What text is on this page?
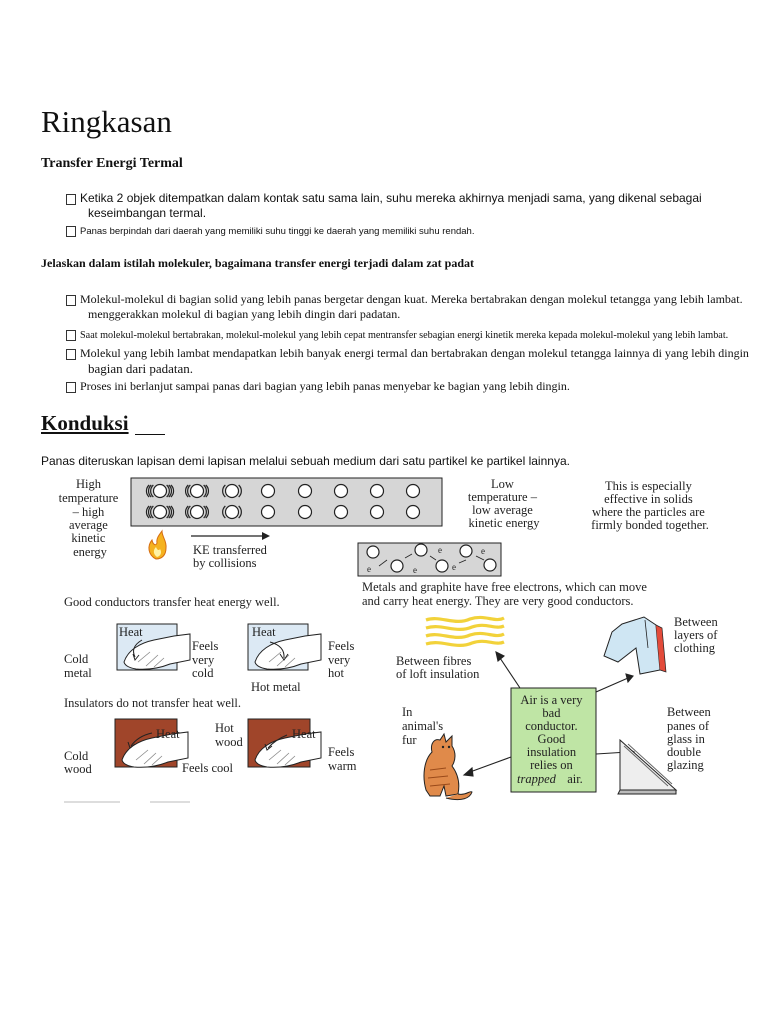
Ringkasan
Transfer Energi Termal
Ketika 2 objek ditempatkan dalam kontak satu sama lain, suhu mereka akhirnya menjadi sama, yang dikenal sebagai
keseimbangan termal.
Panas berpindah dari daerah yang memiliki suhu tinggi ke daerah yang memiliki suhu rendah.
Jelaskan dalam istilah molekuler, bagaimana transfer energi terjadi dalam zat padat
Molekul-molekul di bagian solid yang lebih panas bergetar dengan kuat. Mereka bertabrakan dengan molekul tetangga yang lebih lambat.
menggerakkan molekul di bagian yang lebih dingin dari padatan.
Saat molekul-molekul bertabrakan, molekul-molekul yang lebih cepat mentransfer sebagian energi kinetik mereka kepada molekul-molekul yang lebih lambat.
Molekul yang lebih lambat mendapatkan lebih banyak energi termal dan bertabrakan dengan molekul tetangga lainnya di yang lebih dingin
bagian dari padatan.
Proses ini berlanjut sampai panas dari bagian yang lebih panas menyebar ke bagian yang lebih dingin.
Konduksi
Panas diteruskan lapisan demi lapisan melalui sebuah medium dari satu partikel ke partikel lainnya.
High temperature – high average kinetic energy	KE transferred by collisions
Low temperature – low average kinetic energy
This is especially effective in solids where the particles are firmly bonded together.
e	e
e
e
e
Metals and graphite have free electrons, which can move and carry heat energy. They are very good conductors.
Good conductors transfer heat energy well.
Heat
Cold metal
Feels very cold
Heat
Feels very hot
Hot metal
Insulators do not transfer heat well.
Heat
Cold wood
Hot wood
Feels cool
Heat
Feels warm
Between fibres of loft insulation
Between layers of clothing
Air is a very bad conductor. Good insulation relies on trapped air.
In animal's fur
Between panes of glass in double glazing
